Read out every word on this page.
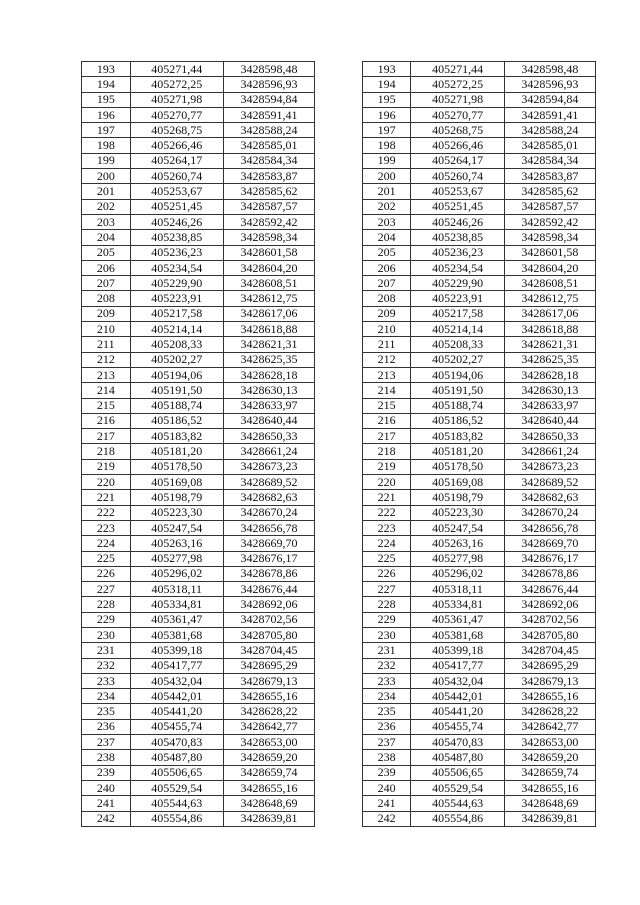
193	405271,44	3428598,48		193	405271,44	3428598,48
194	405272,25	3428596,93		194	405272,25	3428596,93
195	405271,98	3428594,84		195	405271,98	3428594,84
196	405270,77	3428591,41		196	405270,77	3428591,41
197	405268,75	3428588,24		197	405268,75	3428588,24
198	405266,46	3428585,01		198	405266,46	3428585,01
199	405264,17	3428584,34		199	405264,17	3428584,34
200	405260,74	3428583,87		200	405260,74	3428583,87
201	405253,67	3428585,62		201	405253,67	3428585,62
202	405251,45	3428587,57		202	405251,45	3428587,57
203	405246,26	3428592,42		203	405246,26	3428592,42
204	405238,85	3428598,34		204	405238,85	3428598,34
205	405236,23	3428601,58		205	405236,23	3428601,58
206	405234,54	3428604,20		206	405234,54	3428604,20
207	405229,90	3428608,51		207	405229,90	3428608,51
208	405223,91	3428612,75		208	405223,91	3428612,75
209	405217,58	3428617,06		209	405217,58	3428617,06
210	405214,14	3428618,88		210	405214,14	3428618,88
211	405208,33	3428621,31		211	405208,33	3428621,31
212	405202,27	3428625,35		212	405202,27	3428625,35
213	405194,06	3428628,18		213	405194,06	3428628,18
214	405191,50	3428630,13		214	405191,50	3428630,13
215	405188,74	3428633,97		215	405188,74	3428633,97
216	405186,52	3428640,44		216	405186,52	3428640,44
217	405183,82	3428650,33		217	405183,82	3428650,33
218	405181,20	3428661,24		218	405181,20	3428661,24
219	405178,50	3428673,23		219	405178,50	3428673,23
220	405169,08	3428689,52		220	405169,08	3428689,52
221	405198,79	3428682,63		221	405198,79	3428682,63
222	405223,30	3428670,24		222	405223,30	3428670,24
223	405247,54	3428656,78		223	405247,54	3428656,78
224	405263,16	3428669,70		224	405263,16	3428669,70
225	405277,98	3428676,17		225	405277,98	3428676,17
226	405296,02	3428678,86		226	405296,02	3428678,86
227	405318,11	3428676,44		227	405318,11	3428676,44
228	405334,81	3428692,06		228	405334,81	3428692,06
229	405361,47	3428702,56		229	405361,47	3428702,56
230	405381,68	3428705,80		230	405381,68	3428705,80
231	405399,18	3428704,45		231	405399,18	3428704,45
232	405417,77	3428695,29		232	405417,77	3428695,29
233	405432,04	3428679,13		233	405432,04	3428679,13
234	405442,01	3428655,16		234	405442,01	3428655,16
235	405441,20	3428628,22		235	405441,20	3428628,22
236	405455,74	3428642,77		236	405455,74	3428642,77
237	405470,83	3428653,00		237	405470,83	3428653,00
238	405487,80	3428659,20		238	405487,80	3428659,20
239	405506,65	3428659,74		239	405506,65	3428659,74
240	405529,54	3428655,16		240	405529,54	3428655,16
241	405544,63	3428648,69		241	405544,63	3428648,69
242	405554,86	3428639,81		242	405554,86	3428639,81
